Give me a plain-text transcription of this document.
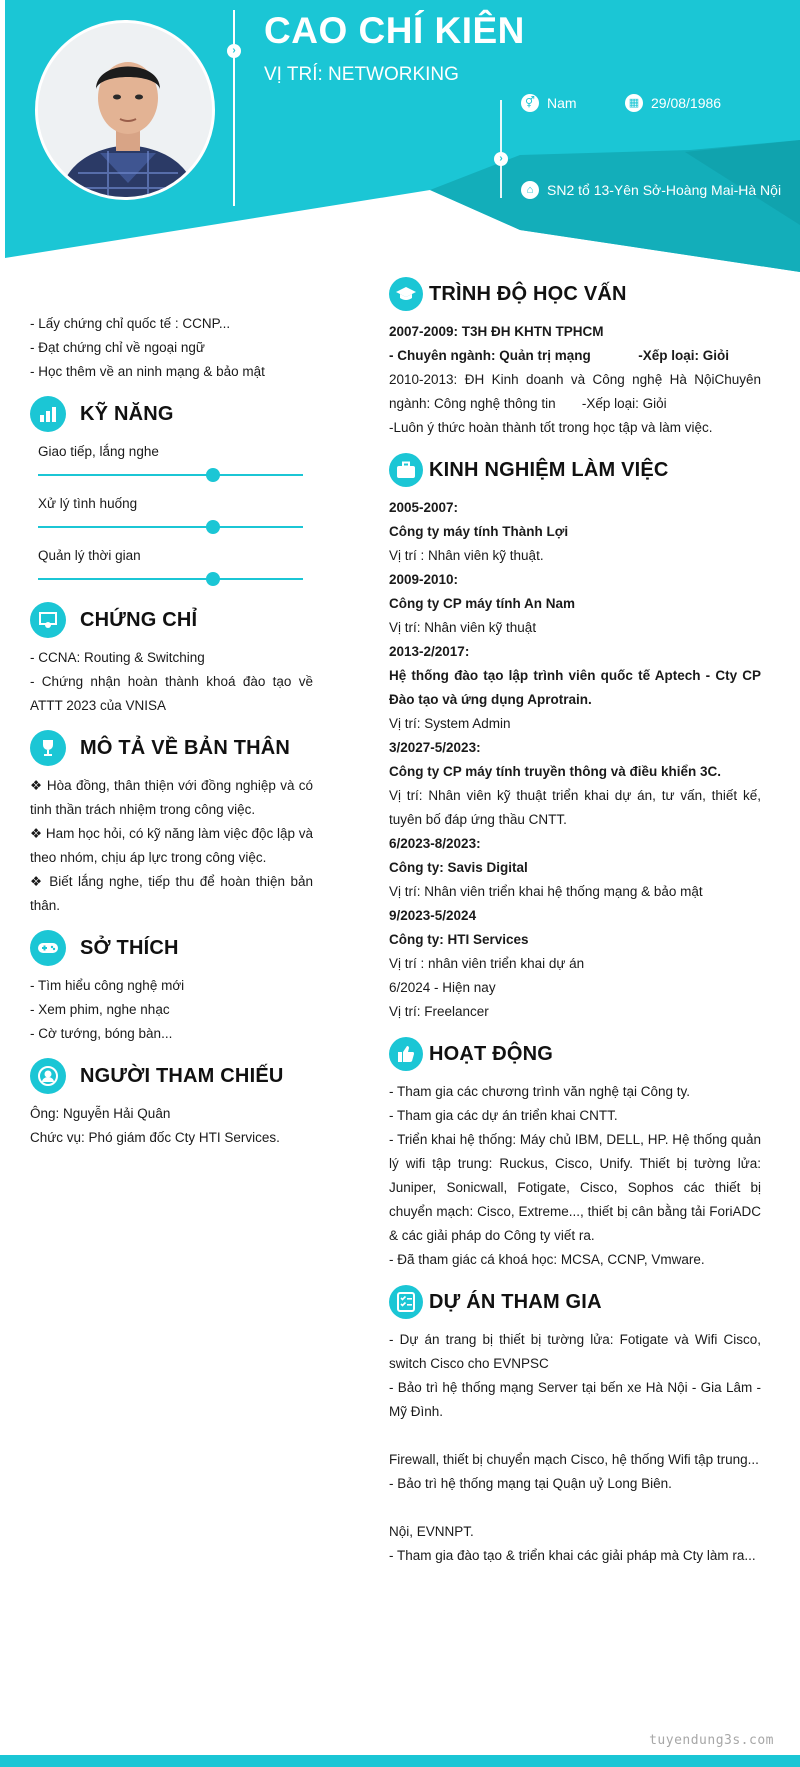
› CAO CHÍ KIÊN
VỊ TRÍ: NETWORKING
⚥ Nam	▦ 29/08/1986
›
⌂ SN2 tổ 13-Yên Sở-Hoàng Mai-Hà Nội
- Lấy chứng chỉ quốc tế : CCNP...
- Đạt chứng chỉ về ngoại ngữ
- Học thêm về an ninh mạng & bảo mật
KỸ NĂNG
Giao tiếp, lắng nghe
Xử lý tình huống
Quản lý thời gian
CHỨNG CHỈ
- CCNA: Routing & Switching
- Chứng nhận hoàn thành khoá đào tạo về ATTT 2023 của VNISA
MÔ TẢ VỀ BẢN THÂN
❖ Hòa đồng, thân thiện với đồng nghiệp và có tinh thần trách nhiệm trong công việc.
❖ Ham học hỏi, có kỹ năng làm việc độc lập và theo nhóm, chịu áp lực trong công việc.
❖ Biết lắng nghe, tiếp thu để hoàn thiện bản thân.
SỞ THÍCH
- Tìm hiểu công nghệ mới
- Xem phim, nghe nhạc
- Cờ tướng, bóng bàn...
NGƯỜI THAM CHIẾU
Ông: Nguyễn Hải Quân
Chức vụ: Phó giám đốc Cty HTI Services.
TRÌNH ĐỘ HỌC VẤN
2007-2009: T3H ĐH KHTN TPHCM
- Chuyên ngành: Quản trị mạng	-Xếp loại: Giỏi
2010-2013: ĐH Kinh doanh và Công nghệ Hà NộiChuyên ngành: Công nghệ thông tin       -Xếp loại: Giỏi
-Luôn ý thức hoàn thành tốt trong học tập và làm việc.
KINH NGHIỆM LÀM VIỆC
2005-2007:
Công ty máy tính Thành Lợi
Vị trí : Nhân viên kỹ thuật.
2009-2010:
Công ty CP máy tính An Nam
Vị trí: Nhân viên kỹ thuật
2013-2/2017:
Hệ thống đào tạo lập trình viên quốc tế Aptech - Cty CP Đào tạo và ứng dụng Aprotrain.
Vị trí: System Admin
3/2027-5/2023:
Công ty CP máy tính truyền thông và điều khiển 3C.
Vị trí: Nhân viên kỹ thuật triển khai dự án, tư vấn, thiết kế, tuyên bố đáp ứng thầu CNTT.
6/2023-8/2023:
Công ty: Savis Digital
Vị trí: Nhân viên triển khai hệ thống mạng & bảo mật
9/2023-5/2024
Công ty: HTI Services
Vị trí : nhân viên triển khai dự án
6/2024 - Hiện nay
Vị trí: Freelancer
HOẠT ĐỘNG
- Tham gia các chương trình văn nghệ tại Công ty.
- Tham gia các dự án triển khai CNTT.
- Triển khai hệ thống: Máy chủ IBM, DELL, HP. Hệ thống quản lý wifi tập trung: Ruckus, Cisco, Unify. Thiết bị tường lửa: Juniper, Sonicwall, Fotigate, Cisco, Sophos các thiết bị chuyển mạch: Cisco, Extreme..., thiết bị cân bằng tải ForiADC & các giải pháp do Công ty viết ra.
- Đã tham giác cá khoá học: MCSA, CCNP, Vmware.
DỰ ÁN THAM GIA
- Dự án trang bị thiết bị tường lửa: Fotigate và Wifi Cisco, switch Cisco cho EVNPSC
- Bảo trì hệ thống mạng Server tại bến xe Hà Nội - Gia Lâm - Mỹ Đình.
Firewall, thiết bị chuyển mạch Cisco, hệ thống Wifi tập trung...
- Bảo trì hệ thống mạng tại Quận uỷ Long Biên.
Nội, EVNNPT.
- Tham gia đào tạo & triển khai các giải pháp mà Cty làm ra...
tuyendung3s.com
